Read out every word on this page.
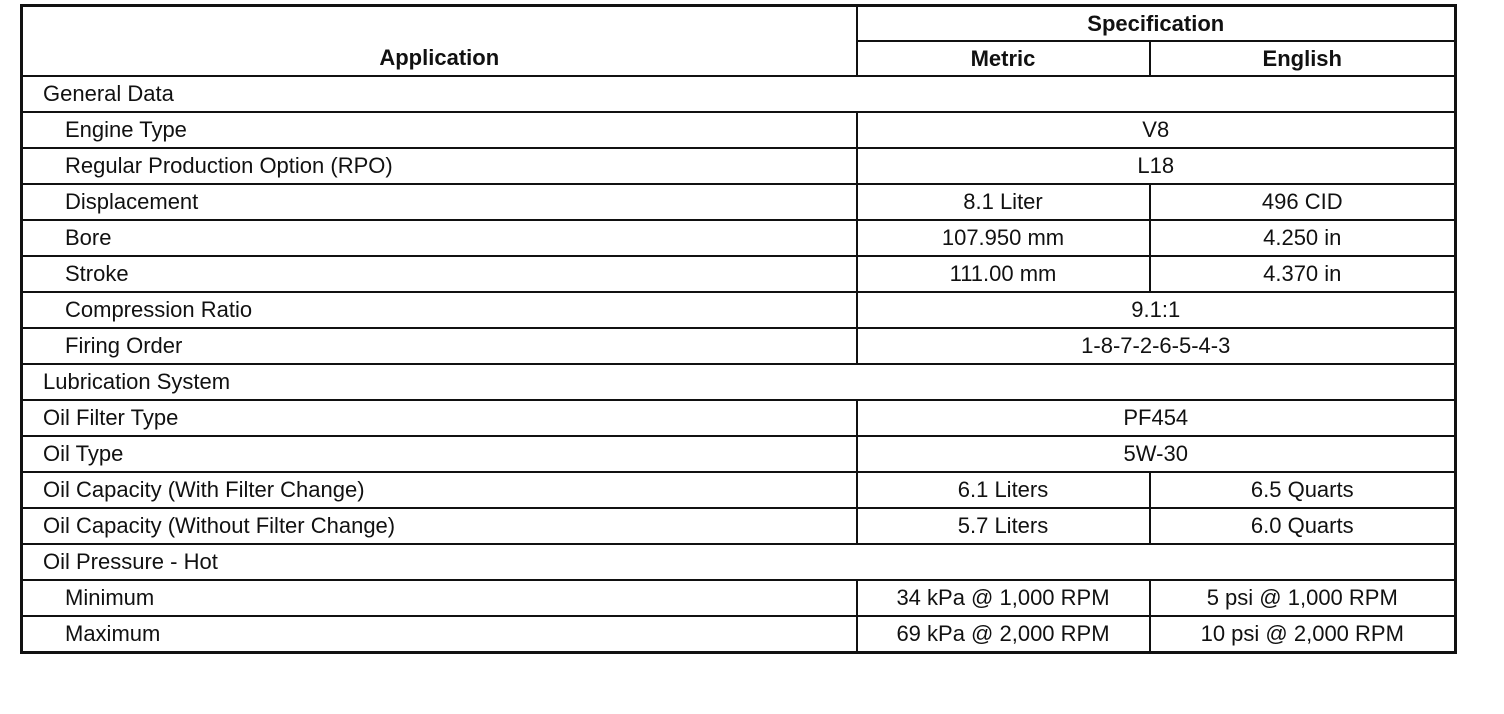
Application	Specification	
	Metric	English
General Data		
Engine Type	V8	
Regular Production Option (RPO)	L18	
Displacement	8.1 Liter	496 CID
Bore	107.950 mm	4.250 in
Stroke	111.00 mm	4.370 in
Compression Ratio	9.1:1	
Firing Order	1-8-7-2-6-5-4-3	
Lubrication System		
Oil Filter Type	PF454	
Oil Type	5W-30	
Oil Capacity (With Filter Change)	6.1 Liters	6.5 Quarts
Oil Capacity (Without Filter Change)	5.7 Liters	6.0 Quarts
Oil Pressure - Hot		
Minimum	34 kPa @ 1,000 RPM	5 psi @ 1,000 RPM
Maximum	69 kPa @ 2,000 RPM	10 psi @ 2,000 RPM
